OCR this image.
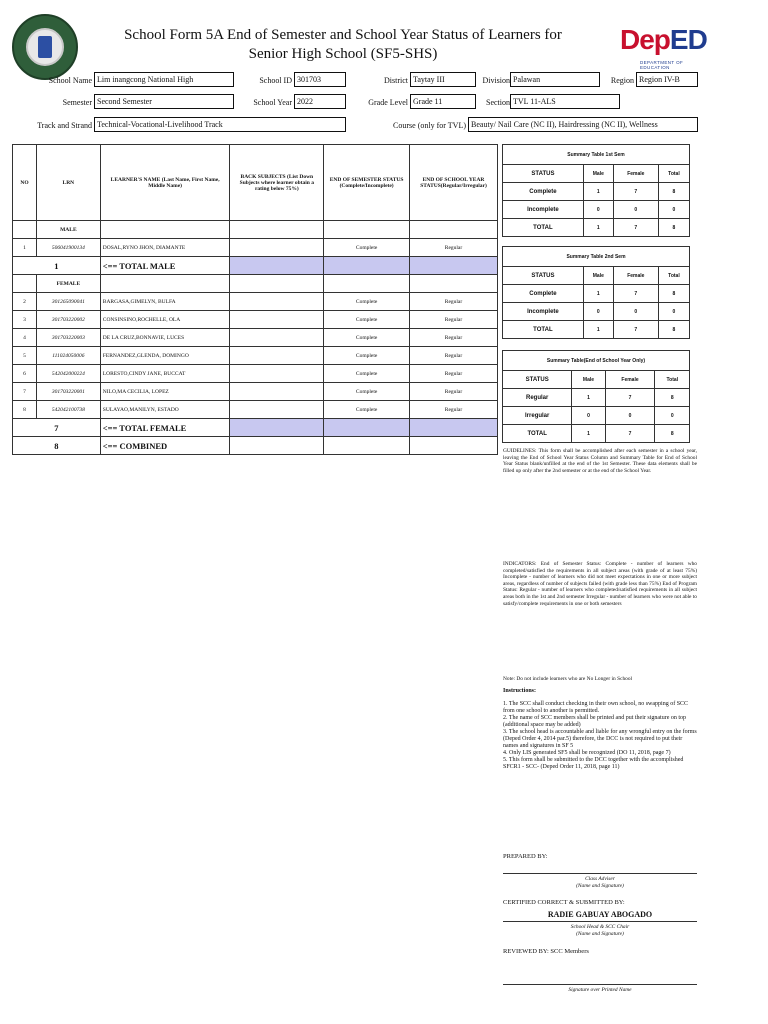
School Form 5A End of Semester and School Year Status of Learners for
Senior High School (SF5-SHS)	DepED
DEPARTMENT OF EDUCATION
School Name Lim inangcong National High	School ID 301703	District Taytay III	Division Palawan	Region Region IV-B
Semester Second Semester	School Year 2022	Grade Level Grade 11	Section TVL 11-ALS
Track and Strand Technical-Vocational-Livelihood Track	Course (only for TVL) Beauty/ Nail Care (NC II), Hairdressing (NC II), Wellness
NO	LRN	LEARNER'S NAME (Last Name, First Name, Middle Name)	BACK SUBJECTS (List Down Subjects where learner obtain a rating below 75%)	END OF SEMESTER STATUS (Complete/Incomplete)	END OF SCHOOL YEAR STATUS(Regular/Irregular)
	MALE				
1	506041900134	DOSAL,RYNO JHON, DIAMANTE		Complete	Regular
1		<== TOTAL MALE			
	FEMALE				
2	301265090041	BARGASA,GIMELYN, BULFA		Complete	Regular
3	301703220002	CONSINSINO,ROCHELLE, OLA		Complete	Regular
4	301703220003	DE LA CRUZ,BONNAVIE, LUCES		Complete	Regular
5	111024050006	FERNANDEZ,GLENDA, DOMINGO		Complete	Regular
6	542042000224	LORESTO,CINDY JANE, BUCCAT		Complete	Regular
7	301703220001	NILO,MA CECILIA, LOPEZ		Complete	Regular
8	542042100738	SULAYAO,MANILYN, ESTADO		Complete	Regular
7		<== TOTAL FEMALE			
8		<== COMBINED			
Summary Table 1st Sem			
STATUS	Male	Female	Total
Complete	1	7	8
Incomplete	0	0	0
TOTAL	1	7	8
Summary Table 2nd Sem			
STATUS	Male	Female	Total
Complete	1	7	8
Incomplete	0	0	0
TOTAL	1	7	8
Summary Table(End of School Year Only)			
STATUS	Male	Female	Total
Regular	1	7	8
Irregular	0	0	0
TOTAL	1	7	8
GUIDELINES: This form shall be accomplished after each semester in a school year, leaving the End of School Year Status Column and Summary Table for End of School Year Status blank/unfilled at the end of the 1st Semester. These data elements shall be filled up only after the 2nd semester or at the end of the School Year.
INDICATORS: End of Semester Status: Complete - number of learners who completed/satisfied the requirements in all subject areas (with grade of at least 75%) Incomplete - number of learners who did not meet expectations in one or more subject areas, regardless of number of subjects failed (with grade less than 75%) End of Program Status: Regular - number of learners who completed/satisfied requirements in all subject areas both in the 1st and 2nd semester Irregular - number of learners who were not able to satisfy/complete requirements in one or both semesters
Note: Do not include learners who are No Longer in School
Instructions:
1. The SCC shall conduct checking in their own school, no swapping of SCC from one school to another is permitted.
2. The name of SCC members shall be printed and put their signature on top (additional space may be added)
3. The school head is accountable and liable for any wrongful entry on the forms (Deped Order 4, 2014 par.5) therefore, the DCC is not required to put their names and signatures in SF 5
4. Only LIS generated SF5 shall be recognized (DO 11, 2018, page 7)
5. This form shall be submitted to the DCC together with the accomplished SFCR1 - SCC- (Deped Order 11, 2018, page 11)
PREPARED BY:
Class Adviser
(Name and Signature)
CERTIFIED CORRECT & SUBMITTED BY:
RADIE GABUAY ABOGADO
School Head & SCC Chair
(Name and Signature)
REVIEWED BY: SCC Members
Signature over Printed Name
